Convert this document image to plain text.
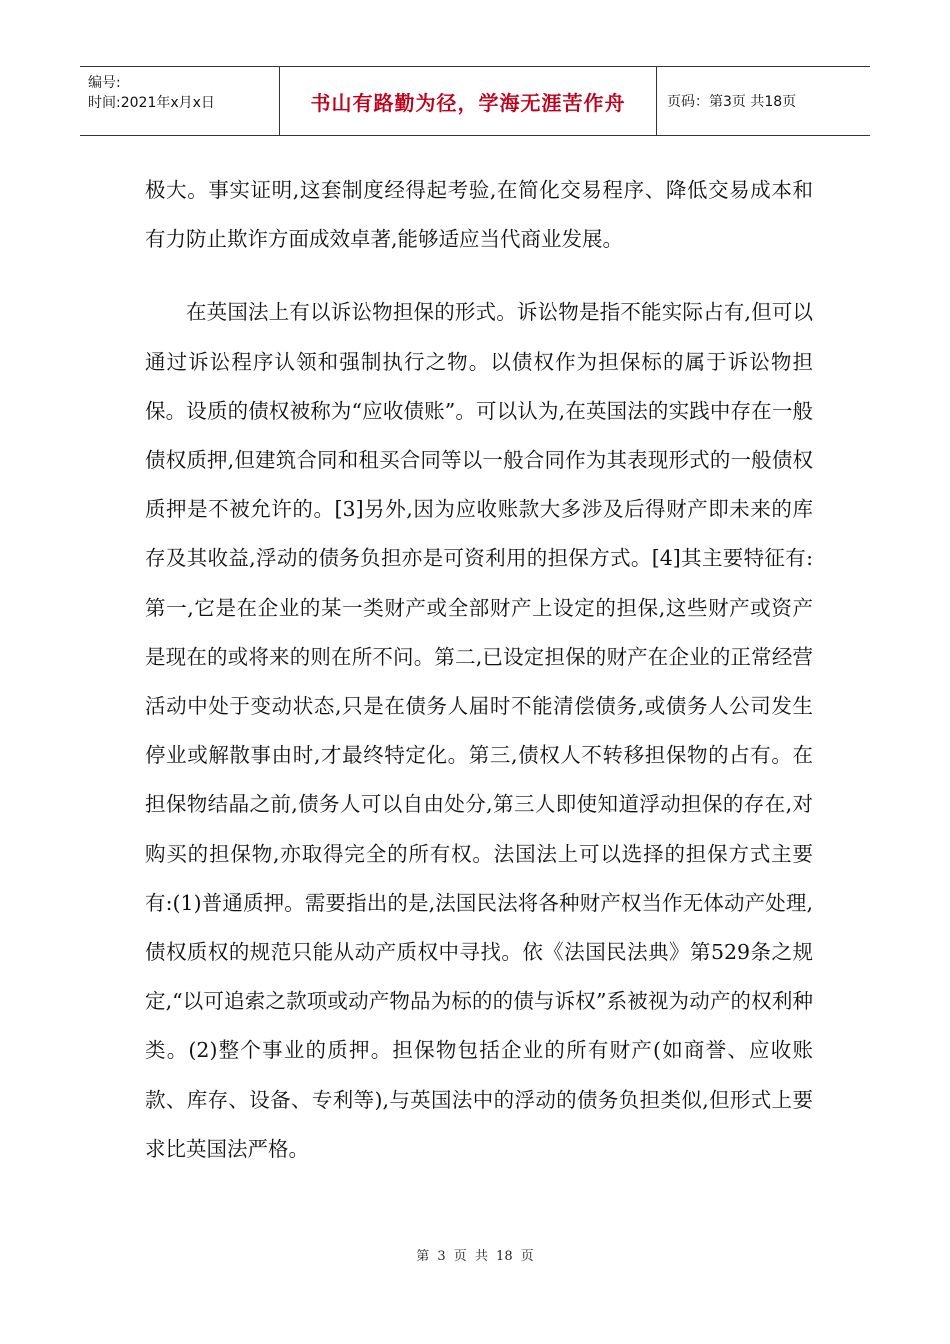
编号:
时间:2021年x月x日	书山有路勤为径，学海无涯苦作舟	页码：第3页 共18页

极大。事实证明,这套制度经得起考验,在简化交易程序、降低交易成本和有力防止欺诈方面成效卓著,能够适应当代商业发展。

在英国法上有以诉讼物担保的形式。诉讼物是指不能实际占有,但可以通过诉讼程序认领和强制执行之物。以债权作为担保标的属于诉讼物担保。设质的债权被称为“应收债账”。可以认为,在英国法的实践中存在一般债权质押,但建筑合同和租买合同等以一般合同作为其表现形式的一般债权质押是不被允许的。[3]另外,因为应收账款大多涉及后得财产即未来的库存及其收益,浮动的债务负担亦是可资利用的担保方式。[4]其主要特征有:第一,它是在企业的某一类财产或全部财产上设定的担保,这些财产或资产是现在的或将来的则在所不问。第二,已设定担保的财产在企业的正常经营活动中处于变动状态,只是在债务人届时不能清偿债务,或债务人公司发生停业或解散事由时,才最终特定化。第三,债权人不转移担保物的占有。在担保物结晶之前,债务人可以自由处分,第三人即使知道浮动担保的存在,对购买的担保物,亦取得完全的所有权。法国法上可以选择的担保方式主要有:(1)普通质押。需要指出的是,法国民法将各种财产权当作无体动产处理,债权质权的规范只能从动产质权中寻找。依《法国民法典》第529条之规定,“以可追索之款项或动产物品为标的的债与诉权”系被视为动产的权利种类。(2)整个事业的质押。担保物包括企业的所有财产(如商誉、应收账款、库存、设备、专利等),与英国法中的浮动的债务负担类似,但形式上要求比英国法严格。

第 3 页 共 18 页
